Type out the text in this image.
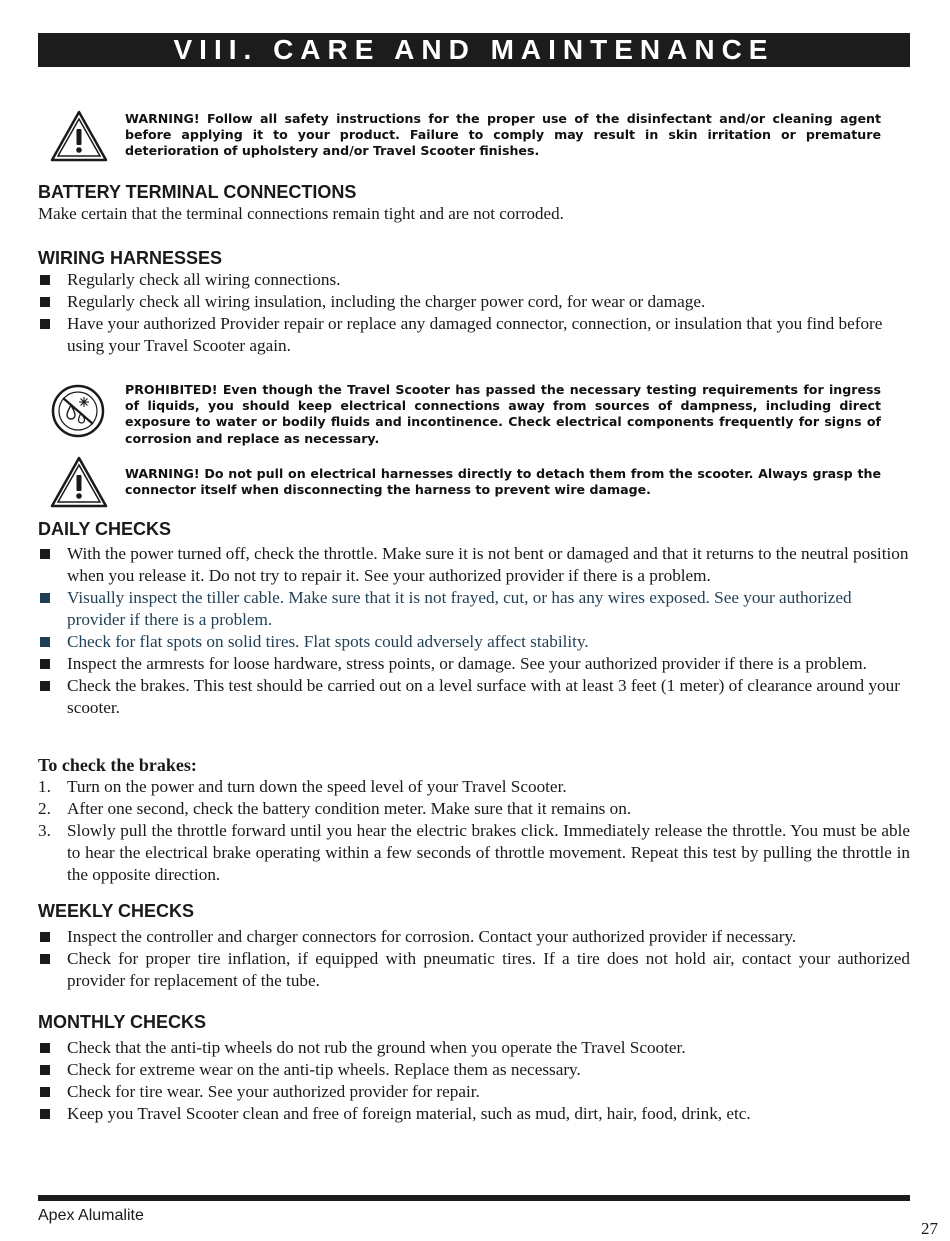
VIII. CARE AND MAINTENANCE
WARNING! Follow all safety instructions for the proper use of the disinfectant and/or cleaning agent before applying it to your product. Failure to comply may result in skin irritation or premature deterioration of upholstery and/or Travel Scooter finishes.

BATTERY TERMINAL CONNECTIONS

Make certain that the terminal connections remain tight and are not corroded.

WIRING HARNESSES

Regularly check all wiring connections.
Regularly check all wiring insulation, including the charger power cord, for wear or damage.
Have your authorized Provider repair or replace any damaged connector, connection, or insulation that you find before using your Travel Scooter again.
PROHIBITED! Even though the Travel Scooter has passed the necessary testing requirements for ingress of liquids, you should keep electrical connections away from sources of dampness, including direct exposure to water or bodily fluids and incontinence. Check electrical components frequently for signs of corrosion and replace as necessary.
WARNING! Do not pull on electrical harnesses directly to detach them from the scooter. Always grasp the connector itself when disconnecting the harness to prevent wire damage.

DAILY CHECKS

With the power turned off, check the throttle. Make sure it is not bent or damaged and that it returns to the neutral position when you release it. Do not try to repair it. See your authorized provider if there is a problem.
Visually inspect the tiller cable. Make sure that it is not frayed, cut, or has any wires exposed. See your authorized provider if there is a problem.
Check for flat spots on solid tires. Flat spots could adversely affect stability.
Inspect the armrests for loose hardware, stress points, or damage. See your authorized provider if there is a problem.
Check the brakes. This test should be carried out on a level surface with at least 3 feet (1 meter) of clearance around your scooter.

To check the brakes:

1. Turn on the power and turn down the speed level of your Travel Scooter.
2. After one second, check the battery condition meter. Make sure that it remains on.
3. Slowly pull the throttle forward until you hear the electric brakes click. Immediately release the throttle. You must be able to hear the electrical brake operating within a few seconds of throttle movement. Repeat this test by pulling the throttle in the opposite direction.

WEEKLY CHECKS

Inspect the controller and charger connectors for corrosion. Contact your authorized provider if necessary.
Check for proper tire inflation, if equipped with pneumatic tires. If a tire does not hold air, contact your authorized provider for replacement of the tube.

MONTHLY CHECKS

Check that the anti-tip wheels do not rub the ground when you operate the Travel Scooter.
Check for extreme wear on the anti-tip wheels. Replace them as necessary.
Check for tire wear. See your authorized provider for repair.
Keep you Travel Scooter clean and free of foreign material, such as mud, dirt, hair, food, drink, etc.
Apex Alumalite
27
